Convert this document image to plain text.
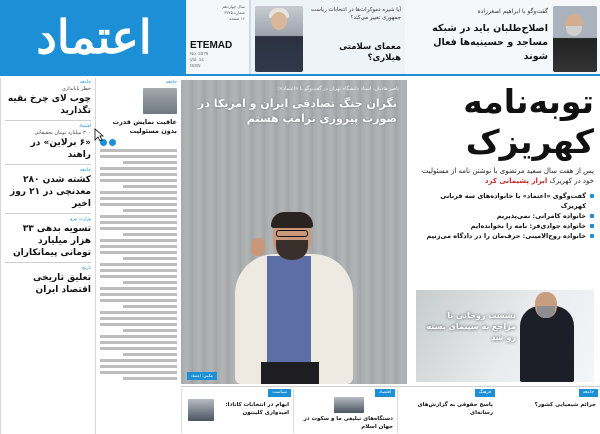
اعتماد
سال چهاردهم
شماره ۳۳۷۵
۱۶ صفحه
ETEMAD
No. 3375
Vol. 14
ISSN
آیا شیره دموکرات‌ها در انتخابات ریاست جمهوری تغییر می‌کند؟
معمای سلامتی هیلاری؟
گفت‌وگو با ابراهیم اصغرزاده
اصلاح‌طلبان باید در شبکه مساجد و حسینیه‌ها فعال شوند
جامعه
خطر ناپایداری
چوب لای چرخ بقیه تگذارید
اقتصاد
۳۰۰ میلیارد تومان تحقیقاتی
«۶ برلاین» در راهند
جامعه
کشته شدن ۲۸۰ معدنچی در ۲۱ روز اخیر
وزارت نیرو
تسویه بدهی ۳۳ هزار میلیارد تومانی پیمانکاران
تاریخ
تعلیق تاریخی اقتصاد ایران
جامعه
عاقبت نمایش قدرت بدون مسئولیت
ناصر هادیان، استاد دانشگاه تهران در گفت‌وگو با «اعتماد»:
نگران جنگ تصادفی ایران و امریکا در صورت پیروزی ترامپ هستم
عکس: اعتماد
توبه‌نامه کهریزک
پس از هفت سال سعید مرتضوی با نوشتن نامه از مسئولیت خود در کهریزک ابراز پشیمانی کرد
گفت‌وگوی «اعتماد» با خانواده‌های سه قربانی کهریزک
خانواده کامرانی: نمی‌پذیریم
خانواده جوادی‌فر: نامه را نخوانده‌ایم
خانواده روح‌الامینی: حرف‌مان را در دادگاه می‌زنیم
نشست روحانی با مراجع به سینمای بسته رو شد
سیاست
ابهام در انتخابات کانادا: امیدواری کلینتون
اقتصاد
دستگاه‌های تبلیغی ما و سکوت در جهان اسلام
فرهنگ
پاسخ حقوقی به گزارش‌های رسانه‌ای
جامعه
جرائم شیمیایی کشور؟
